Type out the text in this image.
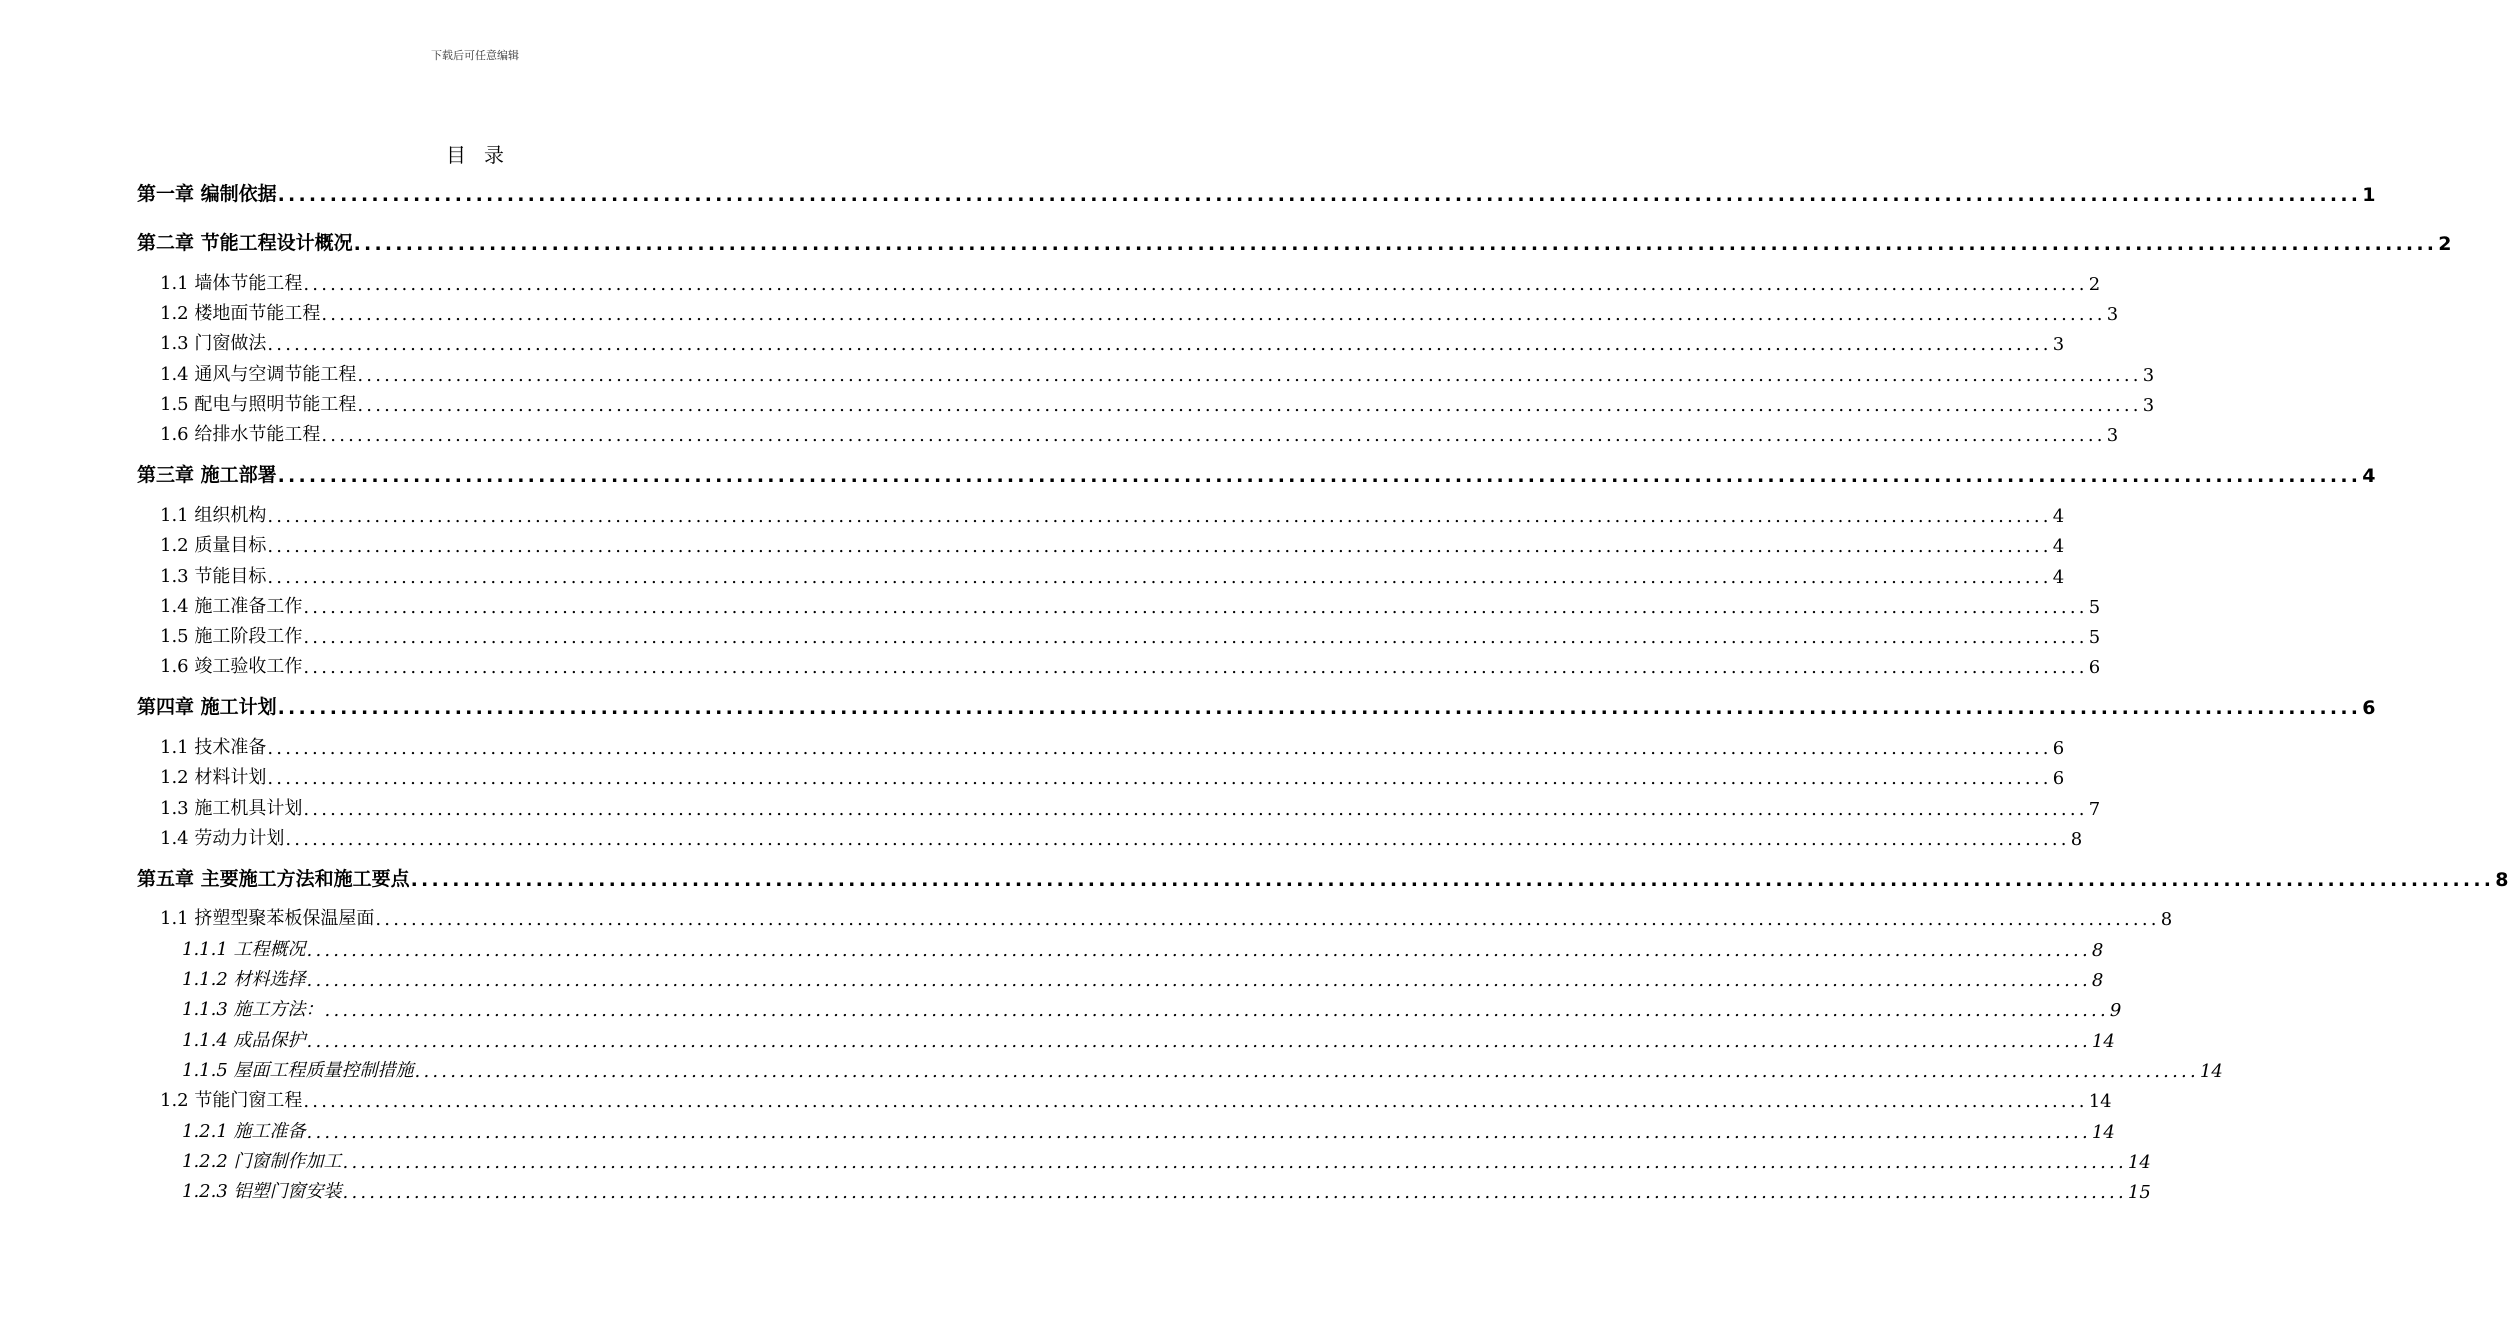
下载后可任意编辑
目录
第一章 编制依据 ........................................................................................................................................................................................................ 1
第二章 节能工程设计概况 ........................................................................................................................................................................................................ 2
1.1 墙体节能工程 ........................................................................................................................................................................................................ 2
1.2 楼地面节能工程 ........................................................................................................................................................................................................ 3
1.3 门窗做法 ........................................................................................................................................................................................................ 3
1.4 通风与空调节能工程 ........................................................................................................................................................................................................ 3
1.5 配电与照明节能工程 ........................................................................................................................................................................................................ 3
1.6 给排水节能工程 ........................................................................................................................................................................................................ 3
第三章 施工部署 ........................................................................................................................................................................................................ 4
1.1 组织机构 ........................................................................................................................................................................................................ 4
1.2 质量目标 ........................................................................................................................................................................................................ 4
1.3 节能目标 ........................................................................................................................................................................................................ 4
1.4 施工准备工作 ........................................................................................................................................................................................................ 5
1.5 施工阶段工作 ........................................................................................................................................................................................................ 5
1.6 竣工验收工作 ........................................................................................................................................................................................................ 6
第四章 施工计划 ........................................................................................................................................................................................................ 6
1.1 技术准备 ........................................................................................................................................................................................................ 6
1.2 材料计划 ........................................................................................................................................................................................................ 6
1.3 施工机具计划 ........................................................................................................................................................................................................ 7
1.4 劳动力计划 ........................................................................................................................................................................................................ 8
第五章 主要施工方法和施工要点 ........................................................................................................................................................................................................ 8
1.1 挤塑型聚苯板保温屋面 ........................................................................................................................................................................................................ 8
1.1.1 工程概况 ........................................................................................................................................................................................................ 8
1.1.2 材料选择 ........................................................................................................................................................................................................ 8
1.1.3 施工方法： ........................................................................................................................................................................................................ 9
1.1.4 成品保护 ........................................................................................................................................................................................................ 14
1.1.5 屋面工程质量控制措施 ........................................................................................................................................................................................................ 14
1.2 节能门窗工程 ........................................................................................................................................................................................................ 14
1.2.1 施工准备 ........................................................................................................................................................................................................ 14
1.2.2 门窗制作加工 ........................................................................................................................................................................................................ 14
1.2.3 铝塑门窗安装 ........................................................................................................................................................................................................ 15
